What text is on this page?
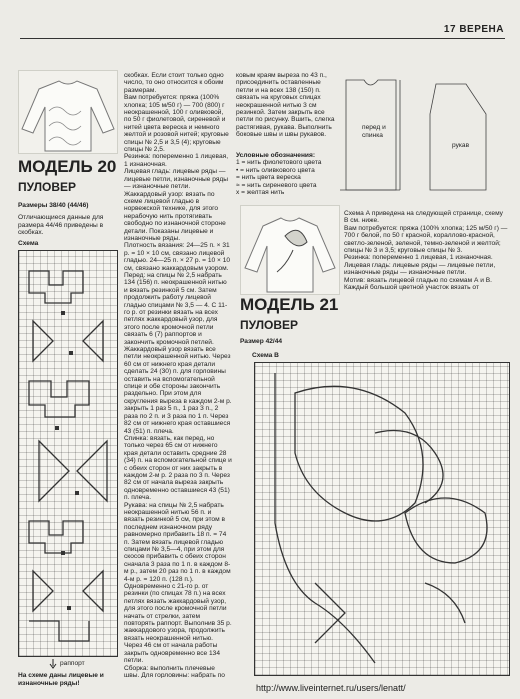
17 ВЕРЕНА
МОДЕЛЬ 20
ПУЛОВЕР
Размеры 38/40 (44/46)
Отличающиеся данные для размера 44/46 приведены в скобках.
Схема
раппорт
На схеме даны лицевые и изнаночные ряды!

скобках. Если стоит только одно число, то оно относится к обоим размерам.

Вам потребуется: пряжа (100% хлопка; 105 м/50 г) — 700 (800) г неокрашенной, 100 г оливковой, по 50 г фиолетовой, сиреневой и нитей цвета вереска и немного желтой и розовой нитей; круговые спицы № 2,5 и 3,5 (4); круговые спицы № 2,5.

Резинка: попеременно 1 лицевая, 1 изнаночная.

Лицевая гладь: лицевые ряды — лицевые петли, изнаночные ряды — изнаночные петли.

Жаккардовый узор: вязать по схеме лицевой гладью в норвежской технике, для этого нерабочую нить протягивать свободно по изнаночной стороне детали. Показаны лицевые и изнаночные ряды.

Плотность вязания: 24—25 п. × 31 р. = 10 × 10 см, связано лицевой гладью. 24—25 п. × 27 р. = 10 × 10 см, связано жаккардовым узором.

Перед: на спицы № 2,5 набрать 134 (156) п. неокрашенной нитью и вязать резинкой 5 см. Затем продолжить работу лицевой гладью спицами № 3,5 — 4. С 11-го р. от резинки вязать на всех петлях жаккардовый узор, для этого после кромочной петли связать 6 (7) раппортов и закончить кромочной петлей. Жаккардовый узор вязать все петли неокрашенной нитью. Через 60 см от нижнего края детали сделать 24 (30) п. для горловины оставить на вспомогательной спице и обе стороны закончить раздельно. При этом для скругления выреза в каждом 2-м р. закрыть 1 раз 5 п., 1 раз 3 п., 2 раза по 2 п. и 3 раза по 1 п. Через 82 см от нижнего края оставшиеся 43 (51) п. плеча.

Спинка: вязать, как перед, но только через 65 см от нижнего края детали оставить средние 28 (34) п. на вспомогательной спице и с обеих сторон от них закрыть в каждом 2-м р. 2 раза по 3 п. Через 82 см от начала выреза закрыть одновременно оставшиеся 43 (51) п. плеча.

Рукава: на спицы № 2,5 набрать неокрашенной нитью 56 п. и вязать резинкой 5 см, при этом в последнем изнаночном ряду равномерно прибавить 18 п. = 74 п. Затем вязать лицевой гладью спицами № 3,5—4, при этом для скосов прибавить с обеих сторон сначала 3 раза по 1 п. в каждом 8-м р., затем 20 раз по 1 п. в каждом 4-м р. = 120 п. (128 п.). Одновременно с 21-го р. от резинки (по спицах 78 п.) на всех петлях вязать жаккардовый узор, для этого после кромочной петли начать от стрелки, затем повторять раппорт. Выполнив 35 р. жаккардового узора, продолжить вязать неокрашенной нитью. Через 46 см от начала работы закрыть одновременно все 134 петли.

Сборка: выполнить плечевые швы. Для горловины: набрать по

ковым краям выреза по 43 п., присоединить оставленные петли и на всех 138 (150) п. связать на круговых спицах неокрашенной нитью 3 см резинкой. Затем закрыть все петли по рисунку. Вшить, слегка растягивая, рукава. Выполнить боковые швы и швы рукавов.

Условные обозначения:

1 = нить фиолетового цвета

• = нить оливкового цвета

= нить цвета вереска

≈ = нить сиреневого цвета

x = желтая нить

перед и спинка
рукав
МОДЕЛЬ 21
ПУЛОВЕР
Размер 42/44
Схема В

Схема А приведена на следующей странице, схему В см. ниже.

Вам потребуется: пряжа (100% хлопка; 125 м/50 г) — 700 г белой, по 50 г красной, кораллово-красной, светло-зеленой, зеленой, темно-зеленой и желтой; спицы № 3 и 3,5; круговые спицы № 3.

Резинка: попеременно 1 лицевая, 1 изнаночная.

Лицевая гладь: лицевые ряды — лицевые петли, изнаночные ряды — изнаночные петли.

Мотив: вязать лицевой гладью по схемам А и В. Каждый большой цветной участок вязать от

http://www.liveinternet.ru/users/lenatt/
